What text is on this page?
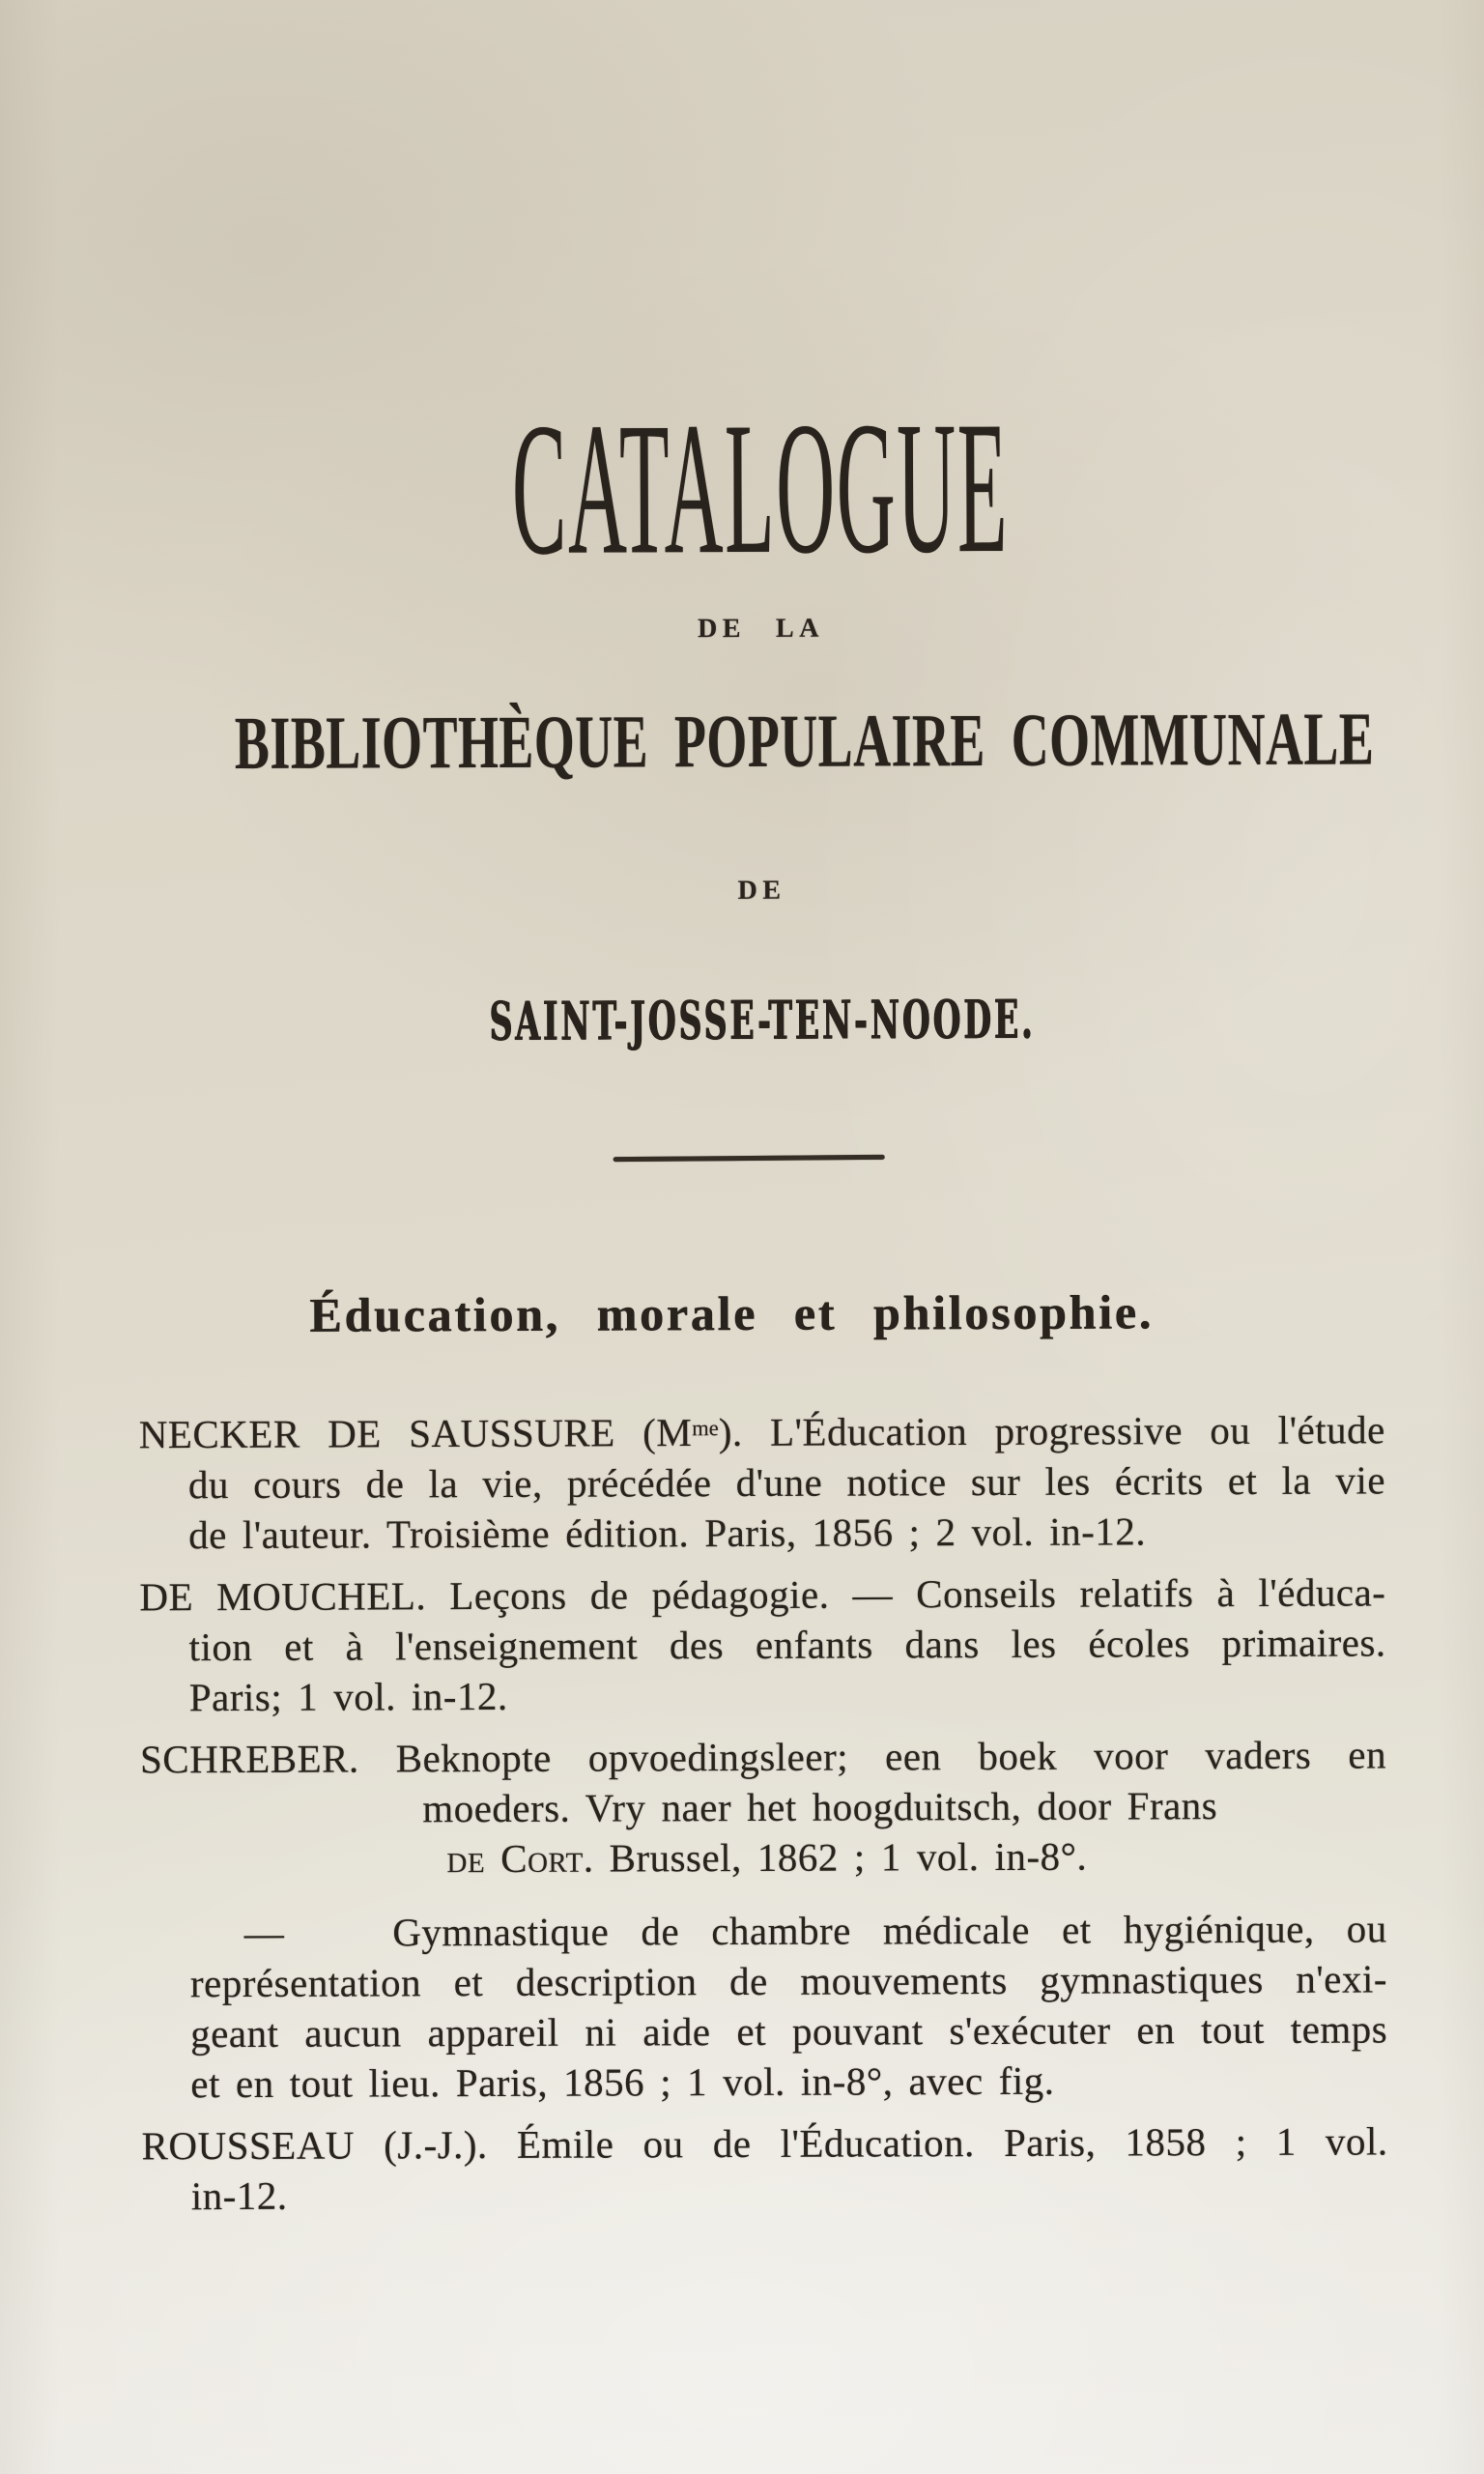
CATALOGUE
DE LA
BIBLIOTHÈQUE POPULAIRE COMMUNALE
DE
SAINT-JOSSE-TEN-NOODE.
Éducation, morale et philosophie.
NECKER DE SAUSSURE $(M^{me})$. L'Éducation progressive ou l'étude
du cours de la vie, précédée d'une notice sur les écrits et la vie
de l'auteur. Troisième édition. Paris, 1856 ; 2 vol. in-12.
DE MOUCHEL. Leçons de pédagogie. — Conseils relatifs à l'éduca-
tion et à l'enseignement des enfants dans les écoles primaires.
Paris; 1 vol. in-12.
SCHREBER. Beknopte opvoedingsleer; een boek voor vaders en
moeders. Vry naer het hoogduitsch, door Frans
de Cort. Brussel, 1862 ; 1 vol. in-8°.
—	Gymnastique de chambre médicale et hygiénique, ou
représentation et description de mouvements gymnastiques n'exi-
geant aucun appareil ni aide et pouvant s'exécuter en tout temps
et en tout lieu. Paris, 1856 ; 1 vol. in-8°, avec fig.
ROUSSEAU (J.-J.). Émile ou de l'Éducation. Paris, 1858 ; 1 vol.
in-12.
